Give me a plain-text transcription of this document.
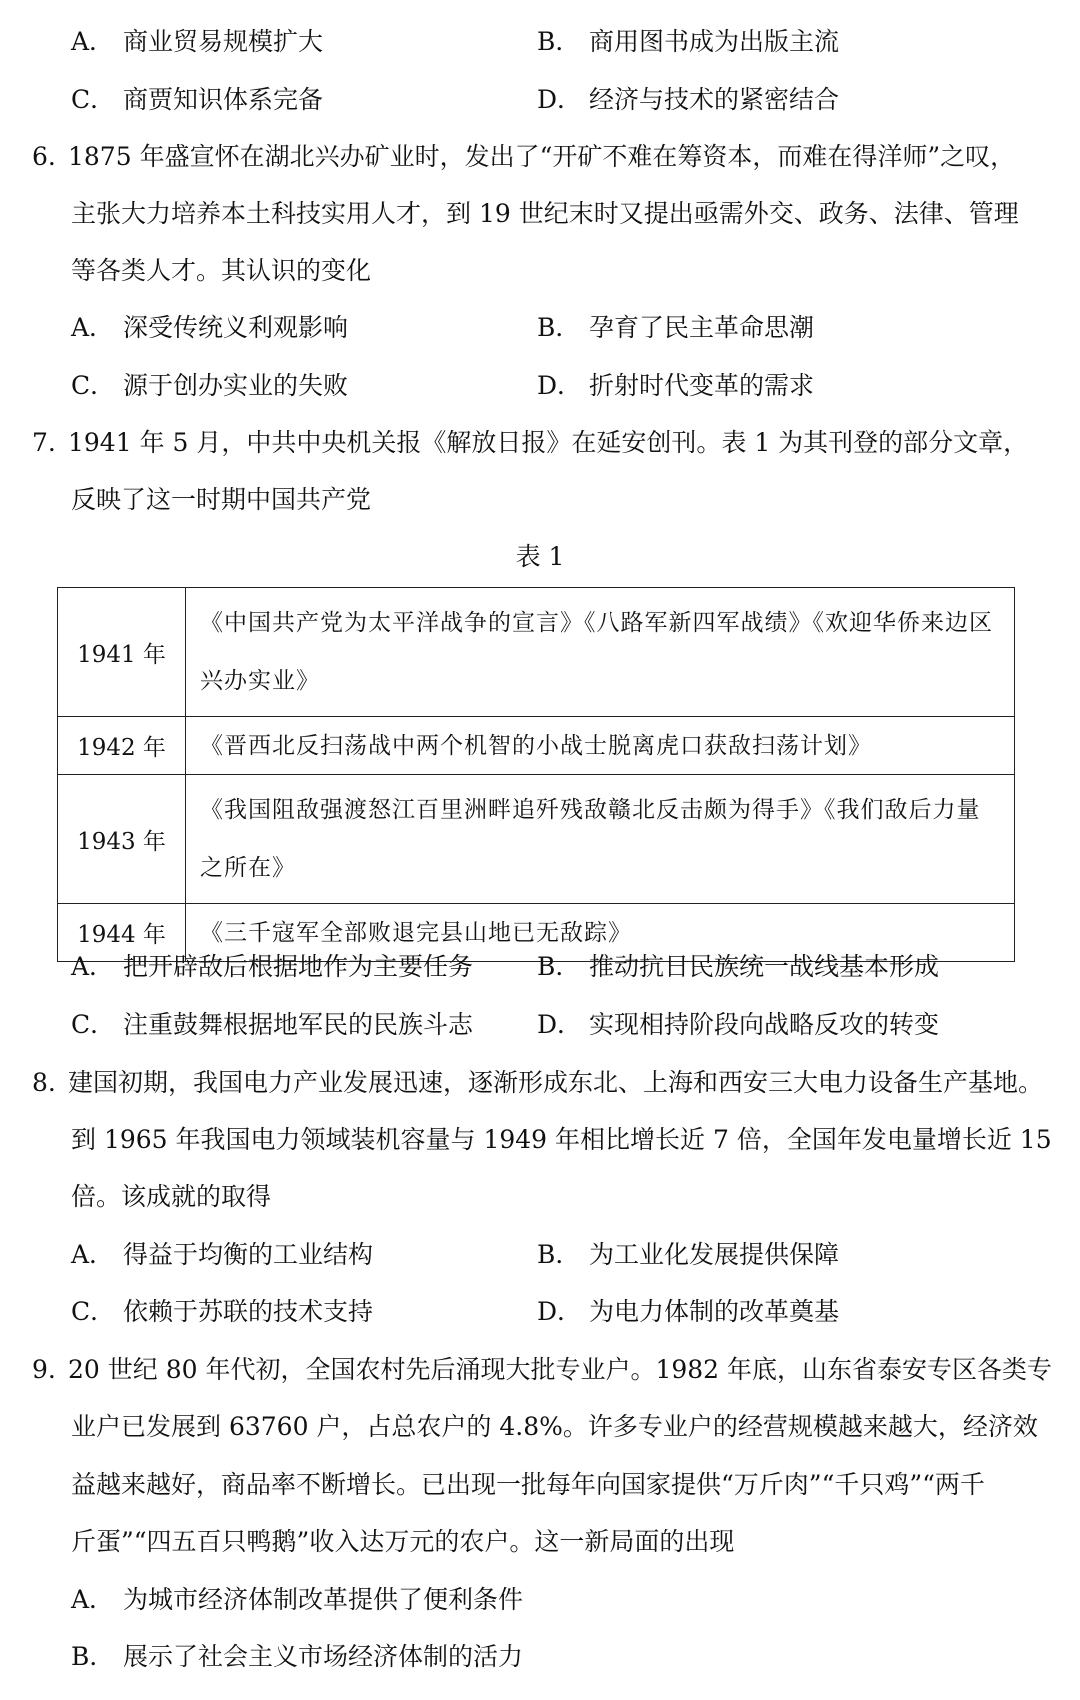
A． 商业贸易规模扩大	B． 商用图书成为出版主流
C． 商贾知识体系完备	D． 经济与技术的紧密结合
6. 1875 年盛宣怀在湖北兴办矿业时，发出了“开矿不难在筹资本，而难在得洋师”之叹，
主张大力培养本土科技实用人才，到 19 世纪末时又提出亟需外交、政务、法律、管理
等各类人才。其认识的变化
A． 深受传统义利观影响	B． 孕育了民主革命思潮
C． 源于创办实业的失败	D． 折射时代变革的需求
7. 1941 年 5 月，中共中央机关报《解放日报》在延安创刊。表 1 为其刊登的部分文章，
反映了这一时期中国共产党
表 1
1941 年	《中国共产党为太平洋战争的宣言》《八路军新四军战绩》《欢迎华侨来边区
兴办实业》

1942 年	《晋西北反扫荡战中两个机智的小战士脱离虎口获敌扫荡计划》

1943 年	《我国阻敌强渡怒江百里洲畔追歼残敌赣北反击颇为得手》《我们敌后力量
之所在》

1944 年	《三千寇军全部败退完县山地已无敌踪》
A． 把开辟敌后根据地作为主要任务	B． 推动抗日民族统一战线基本形成
C． 注重鼓舞根据地军民的民族斗志	D． 实现相持阶段向战略反攻的转变
8. 建国初期，我国电力产业发展迅速，逐渐形成东北、上海和西安三大电力设备生产基地。
到 1965 年我国电力领域装机容量与 1949 年相比增长近 7 倍，全国年发电量增长近 15
倍。该成就的取得
A． 得益于均衡的工业结构	B． 为工业化发展提供保障
C． 依赖于苏联的技术支持	D． 为电力体制的改革奠基
9. 20 世纪 80 年代初，全国农村先后涌现大批专业户。1982 年底，山东省泰安专区各类专
业户已发展到 63760 户，占总农户的 4.8%。许多专业户的经营规模越来越大，经济效
益越来越好，商品率不断增长。已出现一批每年向国家提供“万斤肉”“千只鸡”“两千
斤蛋”“四五百只鸭鹅”收入达万元的农户。这一新局面的出现
A． 为城市经济体制改革提供了便利条件
B． 展示了社会主义市场经济体制的活力
